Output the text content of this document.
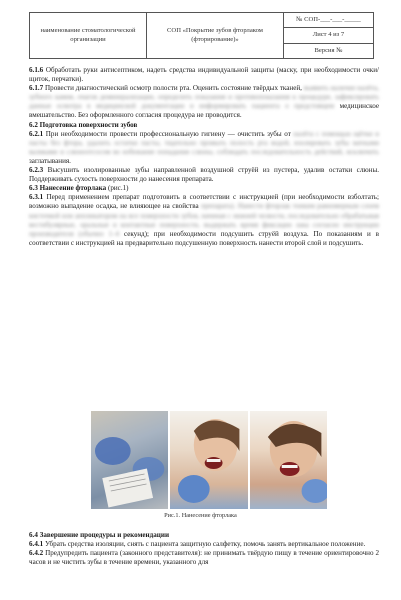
наименование стоматологической организации
СОП «Покрытие зубов фторлаком (фторирование)»
№ СОП-___-___-_____
Лист 4 из 7
Версия №

6.1.6 Обработать руки антисептиком, надеть средства индивидуальной защиты (маску, при необходимости очки/щиток, перчатки).

6.1.7 Провести диагностический осмотр полости рта. Оценить состояние твёрдых тканей, выявить наличие налёта, зубного камня, очагов деминерализации, определить показания и противопоказания к процедуре, зафиксировать данные осмотра в медицинской документации и информировать пациента о предстоящем медицинское вмешательство. Без оформленного согласия процедура не проводится.

6.2 Подготовка поверхности зубов

6.2.1 При необходимости провести профессиональную гигиену — очистить зубы от налёта с помощью щётки и пасты без фтора, удалить остатки пасты, тщательно промыть полость рта водой, изолировать зубы ватными валиками и слюноотсосом во избежание попадания слюны, соблюдать последовательность действий, исключить заглатывания.

6.2.3 Высушить изолированные зубы направленной воздушной струёй из пустера, удалив остатки слюны. Поддерживать сухость поверхности до нанесения препарата.

6.3 Нанесение фторлака (рис.1)

6.3.1 Перед применением препарат подготовить в соответствии с инструкцией (при необходимости взболтать; возможно выпадение осадка, не влияющее на свойства препарата). Нанести фторлак тонким равномерным слоем кисточкой или аппликатором на все поверхности зубов, начиная с нижней челюсти, последовательно обрабатывая вестибулярные, оральные и контактные поверхности, выдержать время фиксации лака согласно инструкции производителя (обычно 1–4 секунд); при необходимости подсушить струёй воздуха. По показаниям и в соответствии с инструкцией на предварительно подсушенную поверхность нанести второй слой и подсушить.

Рис.1. Нанесение фторлака

6.4 Завершение процедуры и рекомендации

6.4.1 Убрать средства изоляции, снять с пациента защитную салфетку, помочь занять вертикальное положение.

6.4.2 Предупредить пациента (законного представителя): не принимать твёрдую пищу в течение ориентировочно 2 часов и не чистить зубы в течение времени, указанного для
